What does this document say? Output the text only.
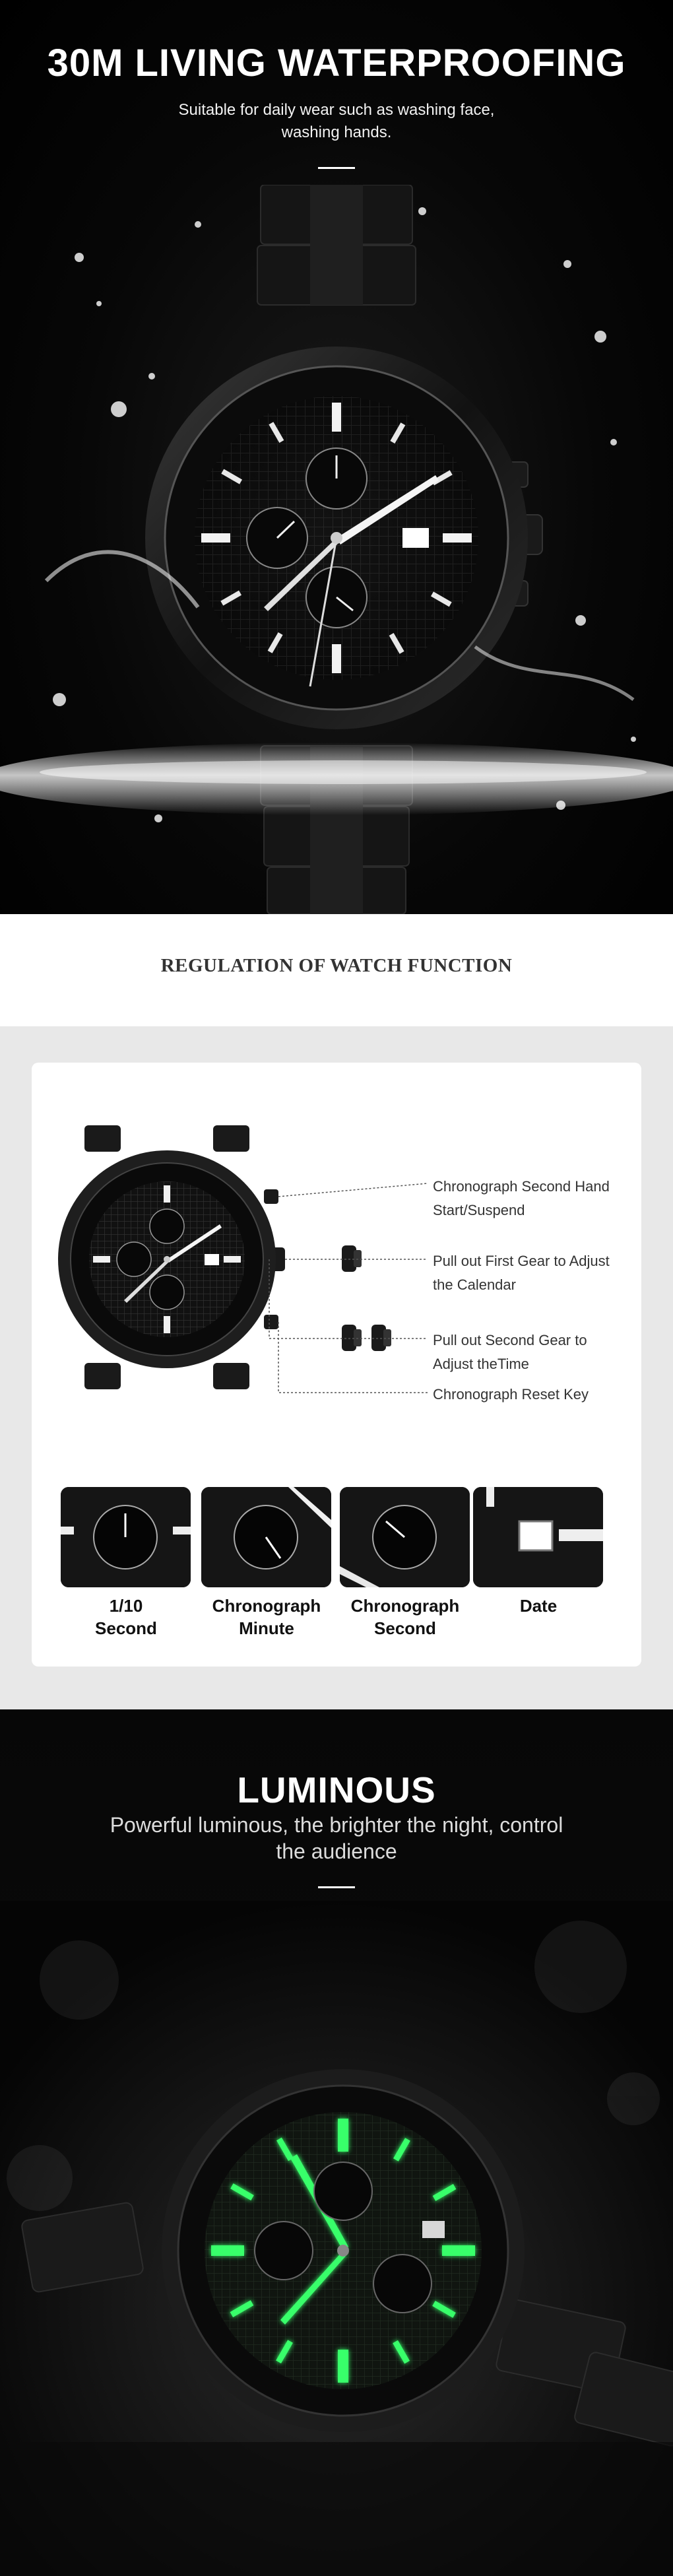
30M LIVING WATERPROOFING

Suitable for daily wear such as washing face,
washing hands.

REGULATION OF WATCH FUNCTION
Chronograph Second Hand
Start/Suspend
Pull out First Gear to Adjust
the Calendar
Pull out Second Gear to
Adjust theTime
Chronograph Reset Key
1/10
Second
Chronograph
Minute
Chronograph
Second
Date
LUMINOUS

Powerful luminous, the brighter the night, control
the audience
